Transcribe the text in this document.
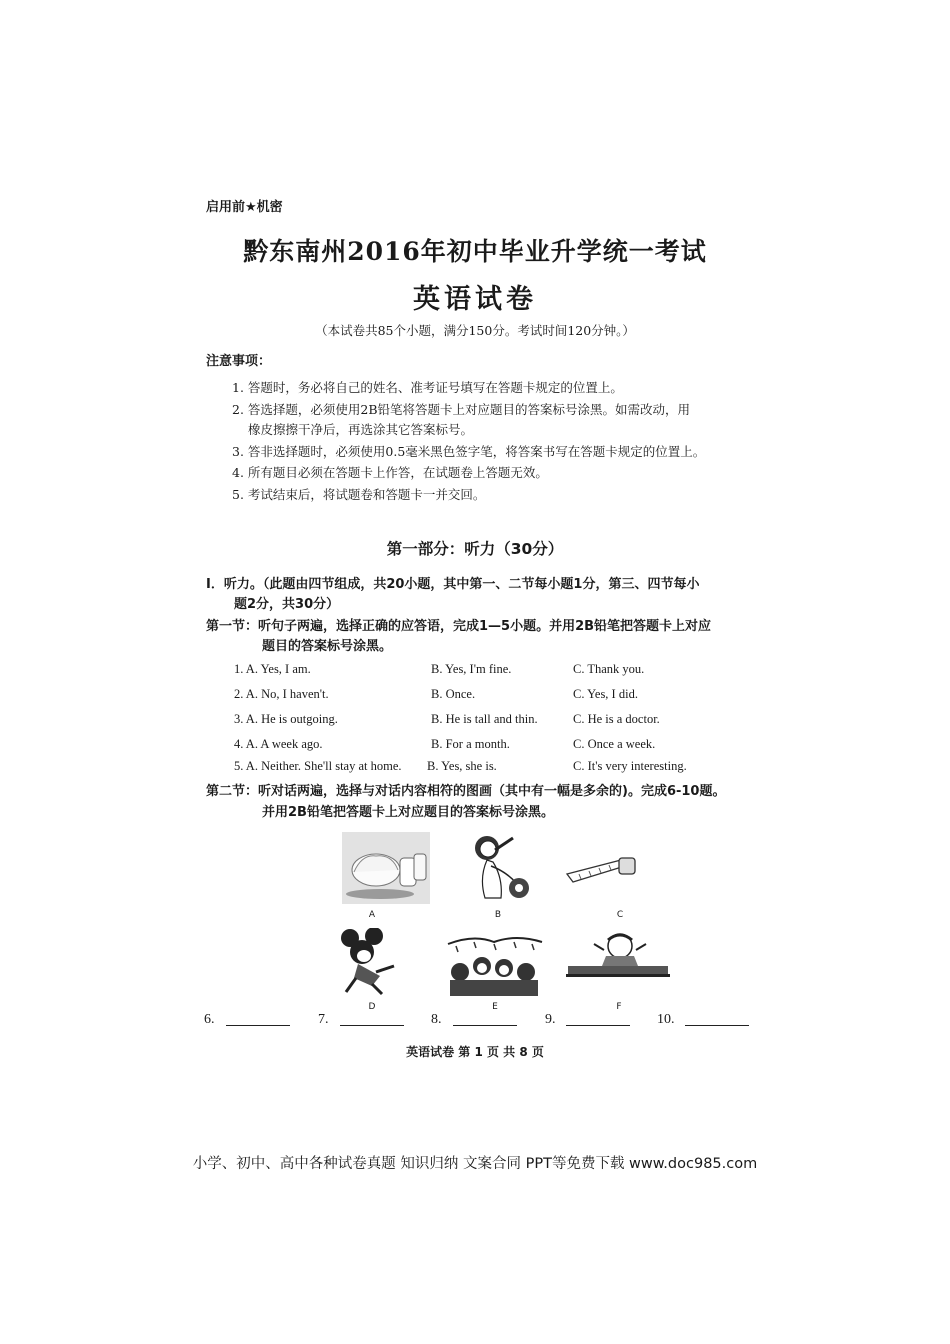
启用前★机密
黔东南州2016年初中毕业升学统一考试
英语试卷
（本试卷共85个小题，满分150分。考试时间120分钟。）
注意事项：
1. 答题时，务必将自己的姓名、准考证号填写在答题卡规定的位置上。
2. 答选择题，必须使用2B铅笔将答题卡上对应题目的答案标号涂黑。如需改动，用
橡皮擦擦干净后，再选涂其它答案标号。
3. 答非选择题时，必须使用0.5毫米黑色签字笔，将答案书写在答题卡规定的位置上。
4. 所有题目必须在答题卡上作答，在试题卷上答题无效。
5. 考试结束后，将试题卷和答题卡一并交回。
第一部分：听力（30分）
Ⅰ．听力。（此题由四节组成，共20小题，其中第一、二节每小题1分，第三、四节每小
题2分，共30分）
第一节：听句子两遍，选择正确的应答语，完成1—5小题。并用2B铅笔把答题卡上对应
题目的答案标号涂黑。
1. A. Yes, I am.	B. Yes, I'm fine.	C. Thank you.
2. A. No, I haven't.	B. Once.	C. Yes, I did.
3. A. He is outgoing.	B. He is tall and thin.	C. He is a doctor.
4. A. A week ago.	B. For a month.	C. Once a week.
5. A. Neither. She'll stay at home. B. Yes, she is.	C. It's very interesting.
第二节：听对话两遍，选择与对话内容相符的图画（其中有一幅是多余的)。完成6-10题。
并用2B铅笔把答题卡上对应题目的答案标号涂黑。
A	B	C
D	E	F
6.	7.	8.	9.	10.
英语试卷 第 1 页 共 8 页
小学、初中、高中各种试卷真题 知识归纳 文案合同 PPT等免费下载 www.doc985.com
